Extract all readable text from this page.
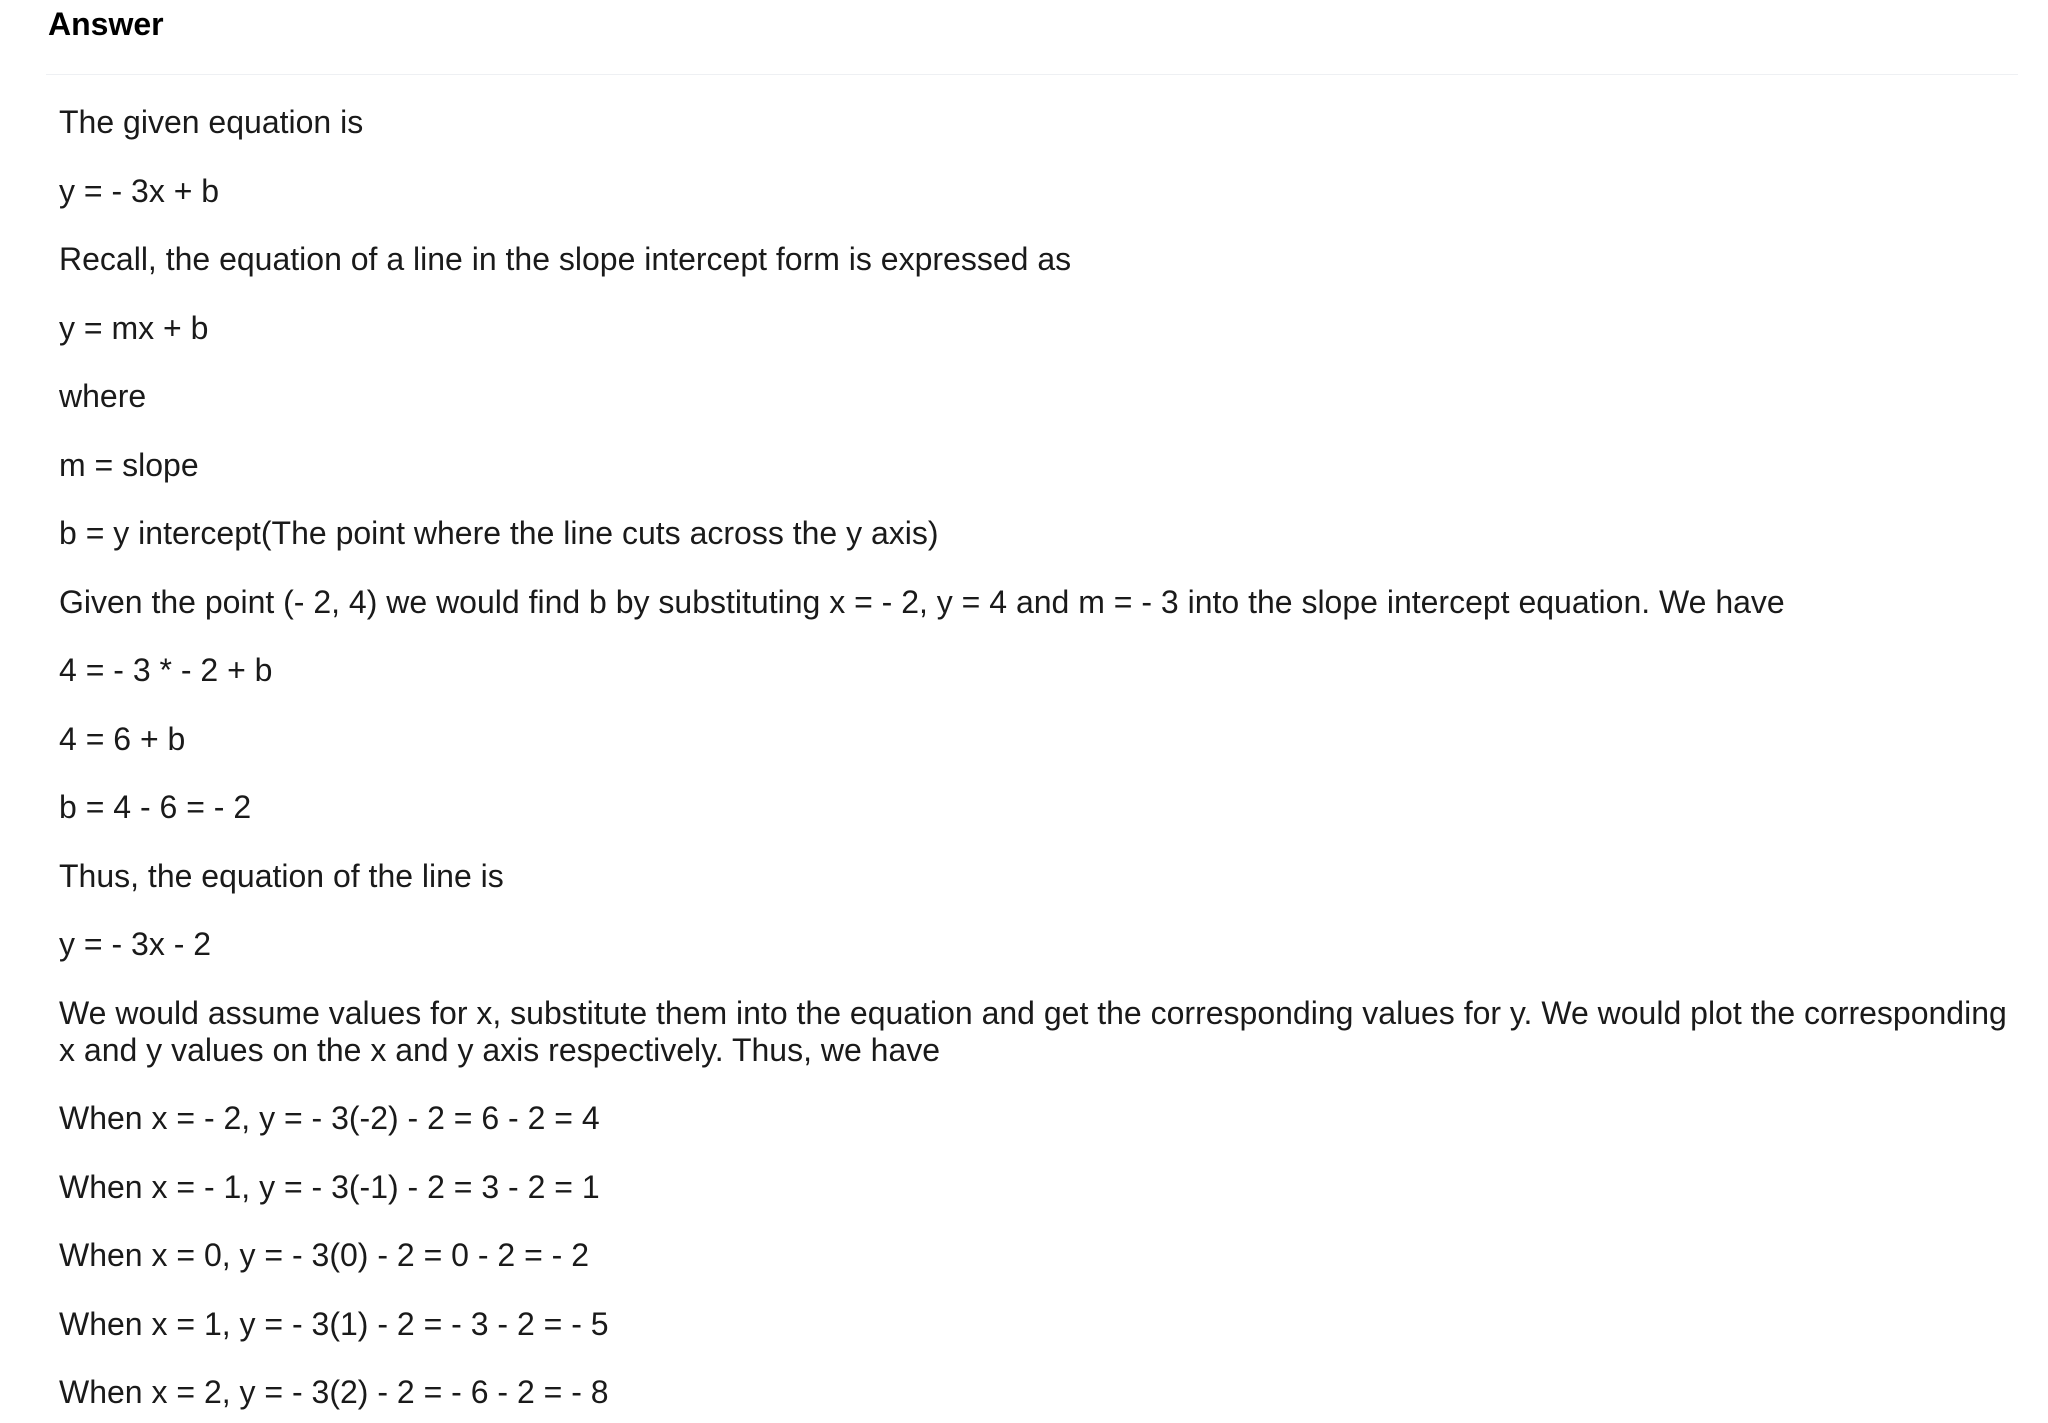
Answer

The given equation is

y = - 3x + b

Recall, the equation of a line in the slope intercept form is expressed as

y = mx + b

where

m = slope

b = y intercept(The point where the line cuts across the y axis)

Given the point (- 2, 4) we would find b by substituting x = - 2, y = 4 and m = - 3 into the slope intercept equation. We have

4 = - 3 * - 2 + b

4 = 6 + b

b = 4 - 6 = - 2

Thus, the equation of the line is

y = - 3x - 2

We would assume values for x, substitute them into the equation and get the corresponding values for y. We would plot the corresponding x and y values on the x and y axis respectively. Thus, we have

When x = - 2, y = - 3(-2) - 2 = 6 - 2 = 4

When x = - 1, y = - 3(-1) - 2 = 3 - 2 = 1

When x = 0, y = - 3(0) - 2 = 0 - 2 = - 2

When x = 1, y = - 3(1) - 2 = - 3 - 2 = - 5

When x = 2, y = - 3(2) - 2 = - 6 - 2 = - 8
